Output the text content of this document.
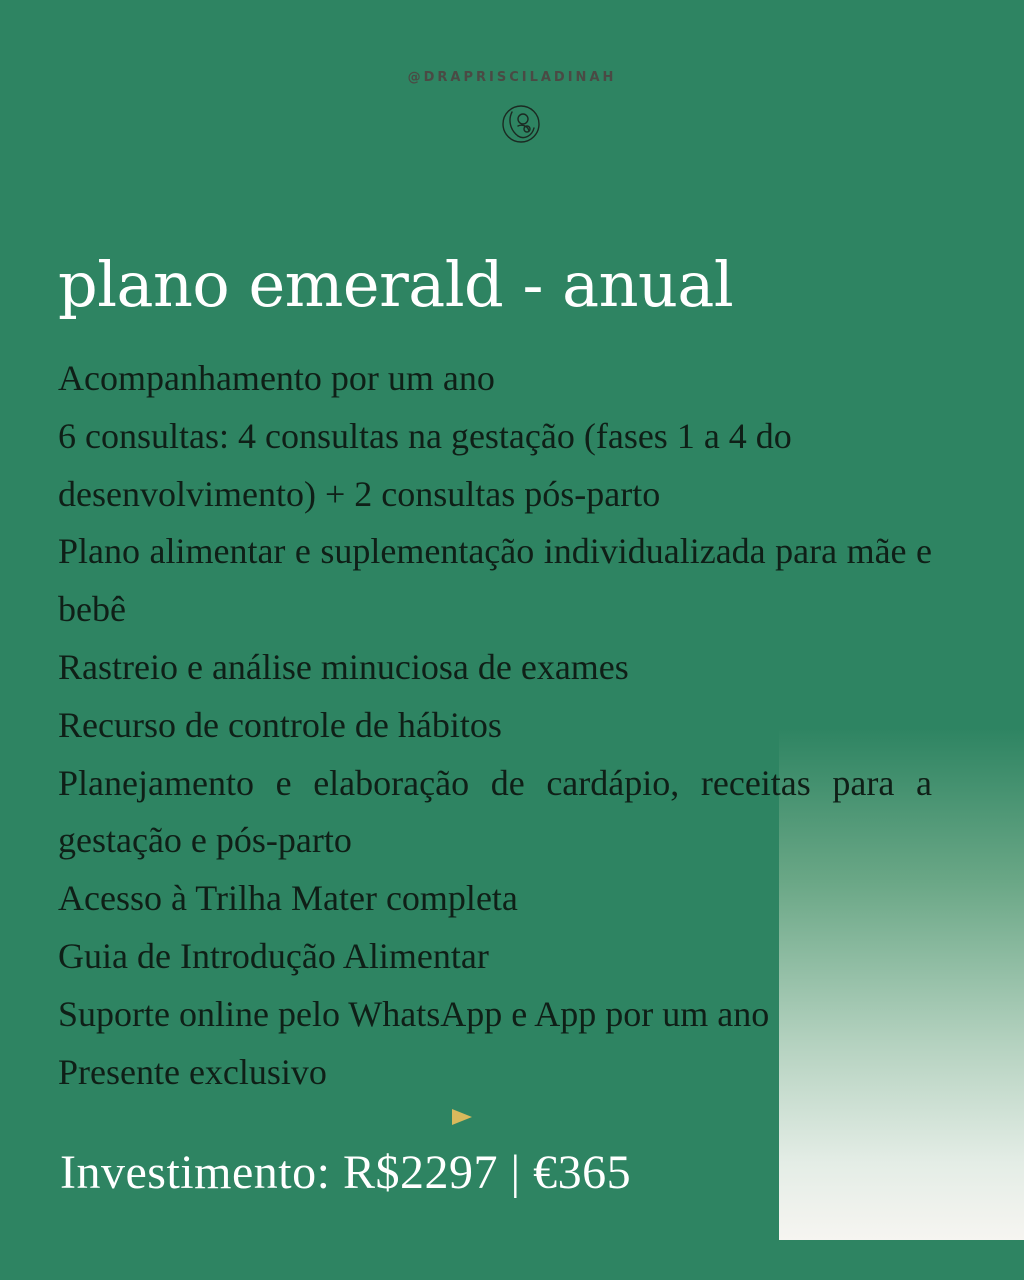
@DRAPRISCILADINAH
plano emerald - anual
Acompanhamento por um ano
6 consultas: 4 consultas na gestação (fases 1 a 4 do desenvolvimento) + 2 consultas pós-parto
Plano alimentar e suplementação individualizada para mãe e bebê
Rastreio e análise minuciosa de exames
Recurso de controle de hábitos
Planejamento e elaboração de cardápio, receitas para a gestação e pós-parto
Acesso à Trilha Mater completa
Guia de Introdução Alimentar
Suporte online pelo WhatsApp e App por um ano
Presente exclusivo
Investimento: R$2297 | €365
